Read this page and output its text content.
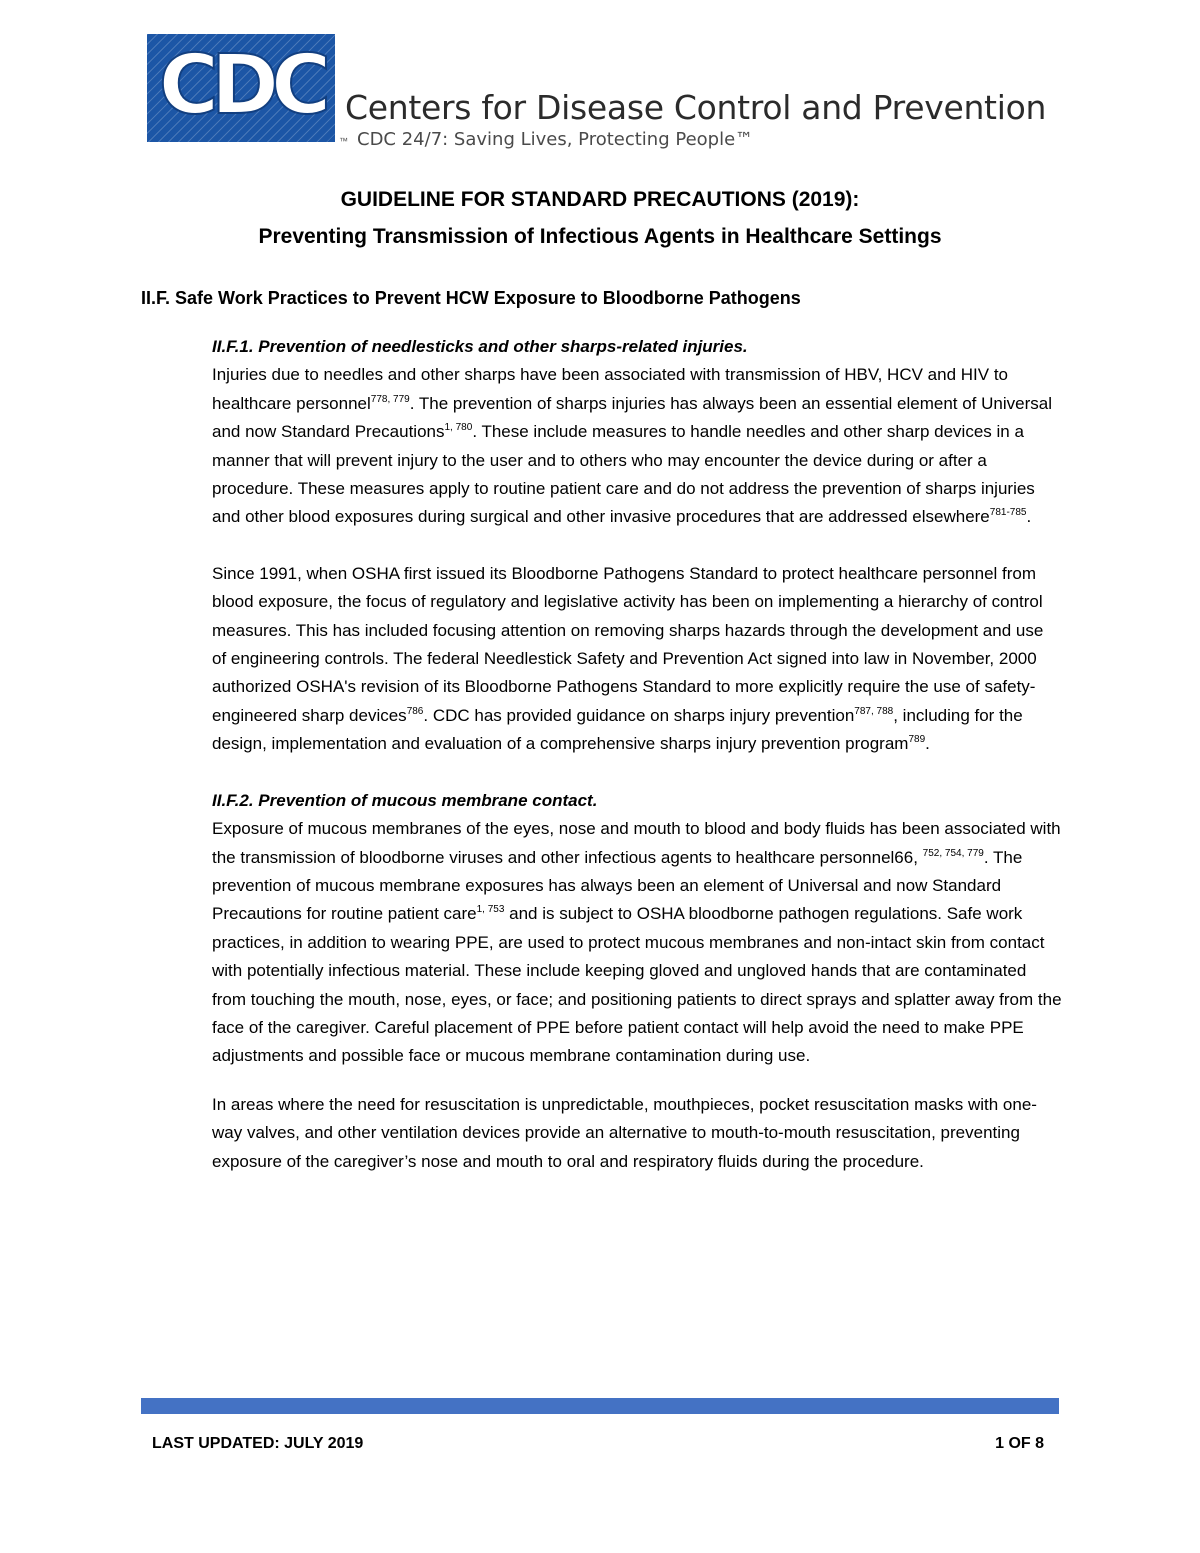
CDC
™
Centers for Disease Control and Prevention
CDC 24/7: Saving Lives, Protecting People™
GUIDELINE FOR STANDARD PRECAUTIONS (2019):
Preventing Transmission of Infectious Agents in Healthcare Settings
II.F. Safe Work Practices to Prevent HCW Exposure to Bloodborne Pathogens
II.F.1. Prevention of needlesticks and other sharps-related injuries.

Injuries due to needles and other sharps have been associated with transmission of HBV, HCV and HIV to healthcare personnel$^{778, 779}$. The prevention of sharps injuries has always been an essential element of Universal and now Standard Precautions$^{1, 780}$. These include measures to handle needles and other sharp devices in a manner that will prevent injury to the user and to others who may encounter the device during or after a procedure. These measures apply to routine patient care and do not address the prevention of sharps injuries and other blood exposures during surgical and other invasive procedures that are addressed elsewhere$^{781-785}$.

Since 1991, when OSHA first issued its Bloodborne Pathogens Standard to protect healthcare personnel from blood exposure, the focus of regulatory and legislative activity has been on implementing a hierarchy of control measures. This has included focusing attention on removing sharps hazards through the development and use of engineering controls. The federal Needlestick Safety and Prevention Act signed into law in November, 2000 authorized OSHA's revision of its Bloodborne Pathogens Standard to more explicitly require the use of safety-engineered sharp devices$^{786}$. CDC has provided guidance on sharps injury prevention$^{787, 788}$, including for the design, implementation and evaluation of a comprehensive sharps injury prevention program$^{789}$.

II.F.2. Prevention of mucous membrane contact.

Exposure of mucous membranes of the eyes, nose and mouth to blood and body fluids has been associated with the transmission of bloodborne viruses and other infectious agents to healthcare personnel66, $^{752, 754, 779}$. The prevention of mucous membrane exposures has always been an element of Universal and now Standard Precautions for routine patient care$^{1, 753}$ and is subject to OSHA bloodborne pathogen regulations. Safe work practices, in addition to wearing PPE, are used to protect mucous membranes and non-intact skin from contact with potentially infectious material. These include keeping gloved and ungloved hands that are contaminated from touching the mouth, nose, eyes, or face; and positioning patients to direct sprays and splatter away from the face of the caregiver. Careful placement of PPE before patient contact will help avoid the need to make PPE adjustments and possible face or mucous membrane contamination during use.

In areas where the need for resuscitation is unpredictable, mouthpieces, pocket resuscitation masks with one-way valves, and other ventilation devices provide an alternative to mouth-to-mouth resuscitation, preventing exposure of the caregiver’s nose and mouth to oral and respiratory fluids during the procedure.

LAST UPDATED: JULY 2019	1 OF 8
